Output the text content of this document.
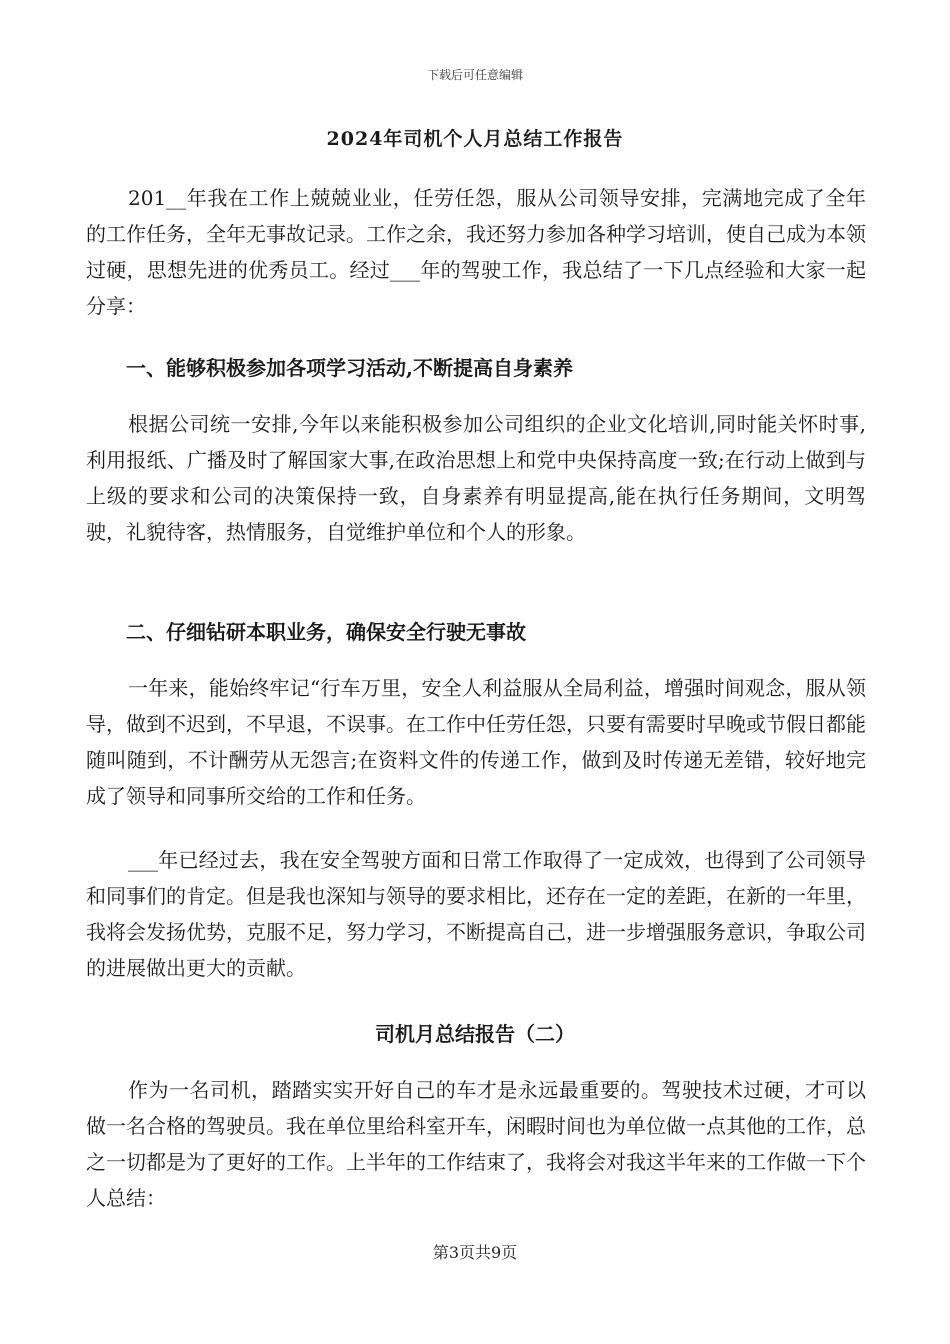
下载后可任意编辑
2024年司机个人月总结工作报告

201__年我在工作上兢兢业业，任劳任怨，服从公司领导安排，完满地完成了全年的工作任务，全年无事故记录。工作之余，我还努力参加各种学习培训，使自己成为本领过硬，思想先进的优秀员工。经过___年的驾驶工作，我总结了一下几点经验和大家一起分享：

一、能够积极参加各项学习活动,不断提高自身素养

根据公司统一安排,今年以来能积极参加公司组织的企业文化培训,同时能关怀时事,利用报纸、广播及时了解国家大事,在政治思想上和党中央保持高度一致;在行动上做到与上级的要求和公司的决策保持一致，自身素养有明显提高,能在执行任务期间，文明驾驶，礼貌待客，热情服务，自觉维护单位和个人的形象。

二、仔细钻研本职业务，确保安全行驶无事故

一年来，能始终牢记“行车万里，安全人利益服从全局利益，增强时间观念，服从领导，做到不迟到，不早退，不误事。在工作中任劳任怨，只要有需要时早晚或节假日都能随叫随到，不计酬劳从无怨言;在资料文件的传递工作，做到及时传递无差错，较好地完成了领导和同事所交给的工作和任务。

___年已经过去，我在安全驾驶方面和日常工作取得了一定成效，也得到了公司领导和同事们的肯定。但是我也深知与领导的要求相比，还存在一定的差距，在新的一年里，我将会发扬优势，克服不足，努力学习，不断提高自己，进一步增强服务意识，争取公司的进展做出更大的贡献。

司机月总结报告（二）

作为一名司机，踏踏实实开好自己的车才是永远最重要的。驾驶技术过硬，才可以做一名合格的驾驶员。我在单位里给科室开车，闲暇时间也为单位做一点其他的工作，总之一切都是为了更好的工作。上半年的工作结束了，我将会对我这半年来的工作做一下个人总结：

第3页共9页
